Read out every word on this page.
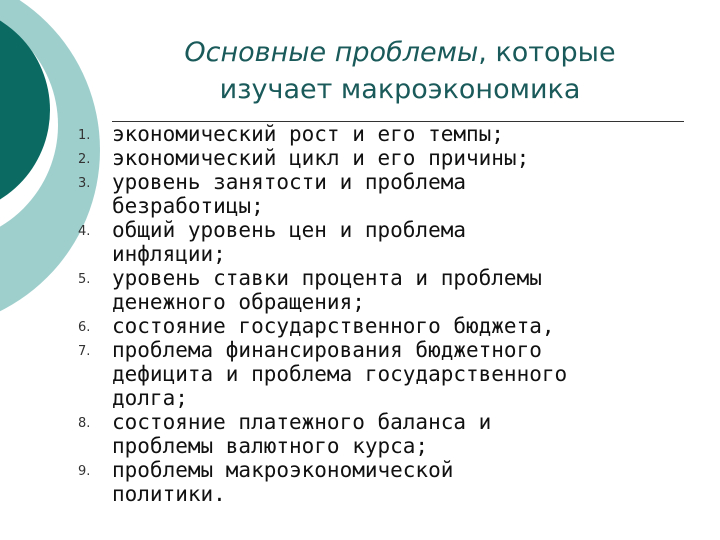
Основные проблемы, которые
изучает макроэкономика
1.	экономический рост и его темпы;
2.	экономический цикл и его причины;
3.	уровень занятости и проблема
безработицы;
4.	общий уровень цен и проблема
инфляции;
5.	уровень ставки процента и проблемы
денежного обращения;
6.	состояние государственного бюджета,
7.	проблема финансирования бюджетного
дефицита и проблема государственного
долга;
8.	состояние платежного баланса и
проблемы валютного курса;
9.	проблемы макроэкономической
политики.
